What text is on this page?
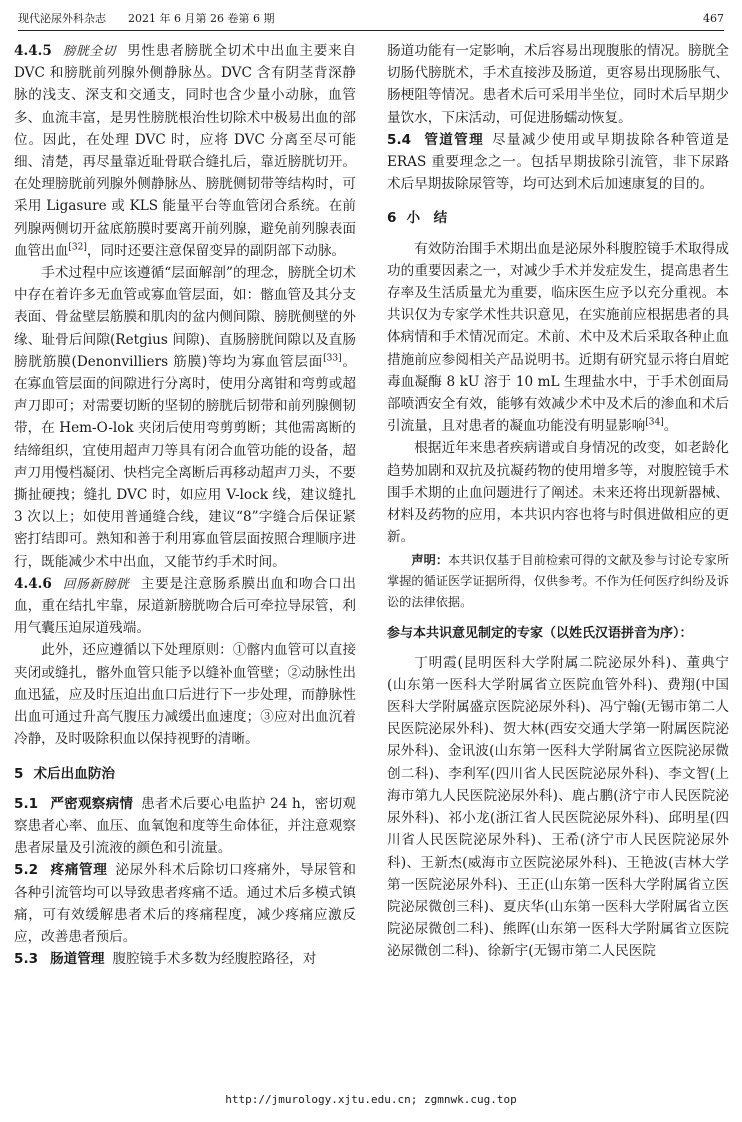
现代泌尿外科杂志 2021 年 6 月第 26 卷第 6 期	467

4.4.5 膀胱全切 男性患者膀胱全切术中出血主要来自 DVC 和膀胱前列腺外侧静脉丛。DVC 含有阴茎背深静脉的浅支、深支和交通支，同时也含少量小动脉，血管多、血流丰富，是男性膀胱根治性切除术中极易出血的部位。因此，在处理 DVC 时，应将 DVC 分离至尽可能细、清楚，再尽量靠近耻骨联合缝扎后，靠近膀胱切开。在处理膀胱前列腺外侧静脉丛、膀胱侧韧带等结构时，可采用 Ligasure 或 KLS 能量平台等血管闭合系统。在前列腺两侧切开盆底筋膜时要离开前列腺，避免前列腺表面血管出血[32]，同时还要注意保留变异的副阴部下动脉。

手术过程中应该遵循“层面解剖”的理念，膀胱全切术中存在着许多无血管或寡血管层面，如：髂血管及其分支表面、骨盆壁层筋膜和肌肉的盆内侧间隙、膀胱侧壁的外缘、耻骨后间隙(Retgius 间隙)、直肠膀胱间隙以及直肠膀胱筋膜(Denonvilliers 筋膜)等均为寡血管层面[33]。在寡血管层面的间隙进行分离时，使用分离钳和弯剪或超声刀即可；对需要切断的坚韧的膀胱后韧带和前列腺侧韧带，在 Hem-O-lok 夹闭后使用弯剪剪断；其他需离断的结缔组织，宜使用超声刀等具有闭合血管功能的设备，超声刀用慢档凝闭、快档完全离断后再移动超声刀头，不要撕扯硬拽；缝扎 DVC 时，如应用 V-lock 线，建议缝扎 3 次以上；如使用普通缝合线，建议“8”字缝合后保证紧密打结即可。熟知和善于利用寡血管层面按照合理顺序进行，既能减少术中出血，又能节约手术时间。

4.4.6 回肠新膀胱 主要是注意肠系膜出血和吻合口出血，重在结扎牢靠，尿道新膀胱吻合后可牵拉导尿管，利用气囊压迫尿道残端。

此外，还应遵循以下处理原则：①髂内血管可以直接夹闭或缝扎，髂外血管只能予以缝补血管壁；②动脉性出血迅猛，应及时压迫出血口后进行下一步处理，而静脉性出血可通过升高气腹压力减缓出血速度；③应对出血沉着冷静，及时吸除积血以保持视野的清晰。

5 术后出血防治

5.1 严密观察病情 患者术后要心电监护 24 h，密切观察患者心率、血压、血氧饱和度等生命体征，并注意观察患者尿量及引流液的颜色和引流量。

5.2 疼痛管理 泌尿外科术后除切口疼痛外，导尿管和各种引流管均可以导致患者疼痛不适。通过术后多模式镇痛，可有效缓解患者术后的疼痛程度，减少疼痛应激反应，改善患者预后。

5.3 肠道管理 腹腔镜手术多数为经腹腔路径，对

肠道功能有一定影响，术后容易出现腹胀的情况。膀胱全切肠代膀胱术，手术直接涉及肠道，更容易出现肠胀气、肠梗阻等情况。患者术后可采用半坐位，同时术后早期少量饮水，下床活动，可促进肠蠕动恢复。

5.4 管道管理 尽量减少使用或早期拔除各种管道是 ERAS 重要理念之一。包括早期拔除引流管，非下尿路术后早期拔除尿管等，均可达到术后加速康复的目的。

6 小　结

有效防治围手术期出血是泌尿外科腹腔镜手术取得成功的重要因素之一，对减少手术并发症发生，提高患者生存率及生活质量尤为重要，临床医生应予以充分重视。本共识仅为专家学术性共识意见，在实施前应根据患者的具体病情和手术情况而定。术前、术中及术后采取各种止血措施前应参阅相关产品说明书。近期有研究显示将白眉蛇毒血凝酶 8 kU 溶于 10 mL 生理盐水中，于手术创面局部喷洒安全有效，能够有效减少术中及术后的渗血和术后引流量，且对患者的凝血功能没有明显影响[34]。

根据近年来患者疾病谱或自身情况的改变，如老龄化趋势加剧和双抗及抗凝药物的使用增多等，对腹腔镜手术围手术期的止血问题进行了阐述。未来还将出现新器械、材料及药物的应用，本共识内容也将与时俱进做相应的更新。

声明：本共识仅基于目前检索可得的文献及参与讨论专家所掌握的循证医学证据所得，仅供参考。不作为任何医疗纠纷及诉讼的法律依据。

参与本共识意见制定的专家（以姓氏汉语拼音为序）：

丁明霞(昆明医科大学附属二院泌尿外科)、董典宁(山东第一医科大学附属省立医院血管外科)、费翔(中国医科大学附属盛京医院泌尿外科)、冯宁翰(无锡市第二人民医院泌尿外科)、贺大林(西安交通大学第一附属医院泌尿外科)、金讯波(山东第一医科大学附属省立医院泌尿微创二科)、李利军(四川省人民医院泌尿外科)、李文智(上海市第九人民医院泌尿外科)、鹿占鹏(济宁市人民医院泌尿外科)、祁小龙(浙江省人民医院泌尿外科)、邱明星(四川省人民医院泌尿外科)、王希(济宁市人民医院泌尿外科)、王新杰(威海市立医院泌尿外科)、王艳波(吉林大学第一医院泌尿外科)、王正(山东第一医科大学附属省立医院泌尿微创三科)、夏庆华(山东第一医科大学附属省立医院泌尿微创二科)、熊晖(山东第一医科大学附属省立医院泌尿微创二科)、徐新宇(无锡市第二人民医院

http://jmurology.xjtu.edu.cn; zgmnwk.cug.top
